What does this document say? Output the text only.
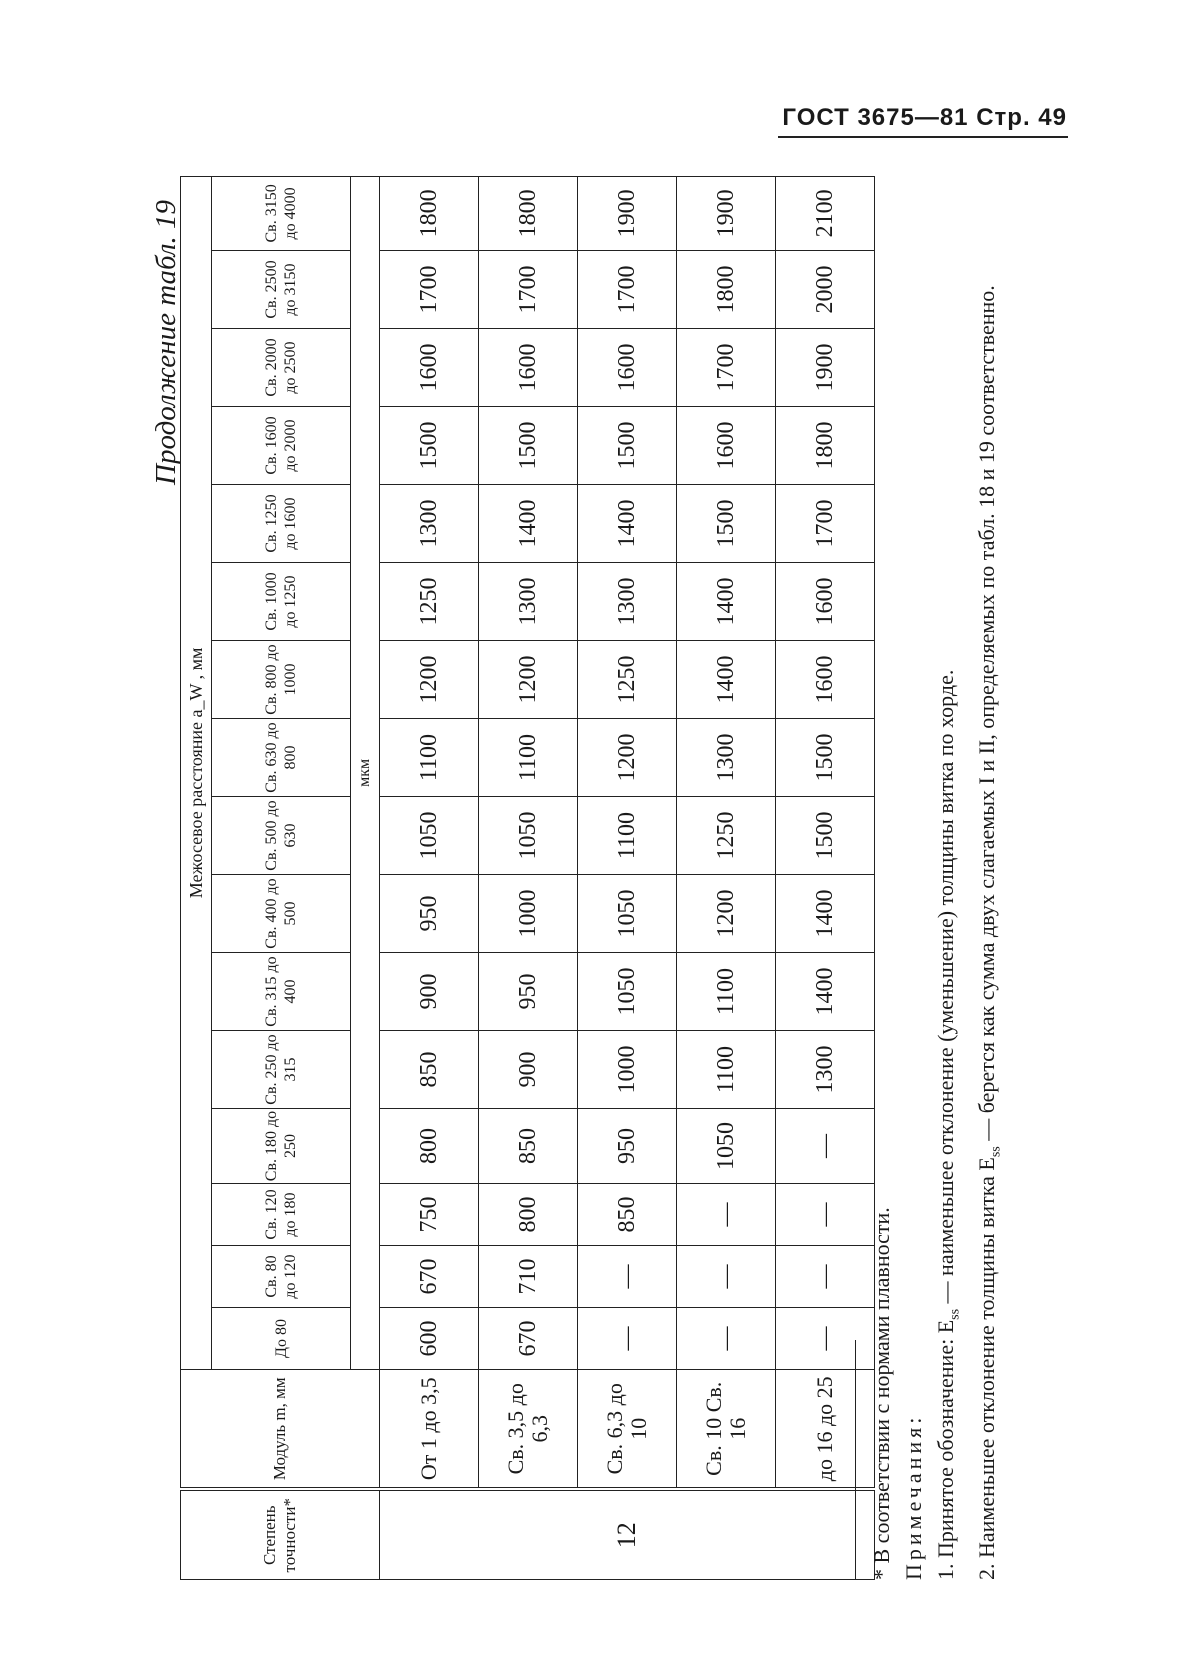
ГОСТ 3675—81 Стр. 49
Продолжение табл. 19
Степень точности*	Модуль m, мм	Межосевое расстояние a_W , мм															
		До 80	Св. 80 до 120	Св. 120 до 180	Св. 180 до 250	Св. 250 до 315	Св. 315 до 400	Св. 400 до 500	Св. 500 до 630	Св. 630 до 800	Св. 800 до 1000	Св. 1000 до 1250	Св. 1250 до 1600	Св. 1600 до 2000	Св. 2000 до 2500	Св. 2500 до 3150	Св. 3150 до 4000
		мкм															
12	От 1 до 3,5	600	670	750	800	850	900	950	1050	1100	1200	1250	1300	1500	1600	1700	1800
	Св. 3,5 до 6,3	670	710	800	850	900	950	1000	1050	1100	1200	1300	1400	1500	1600	1700	1800
	Св. 6,3 до 10	—	—	850	950	1000	1050	1050	1100	1200	1250	1300	1400	1500	1600	1700	1900
	Св. 10 Св. 16	—	—	—	1050	1100	1100	1200	1250	1300	1400	1400	1500	1600	1700	1800	1900
	до 16 до 25	—	—	—	—	1300	1400	1400	1500	1500	1600	1600	1700	1800	1900	2000	2100

* В соответствии с нормами плавности. Примечания: 1. Принятое обозначение: $E_{ss}$ — наименьшее отклонение (уменьшение) толщины витка по хорде.

2. Наименьшее отклонение толщины витка $E_{ss}$ — берется как сумма двух слагаемых I и II, определяемых по табл. 18 и 19 соответственно.
